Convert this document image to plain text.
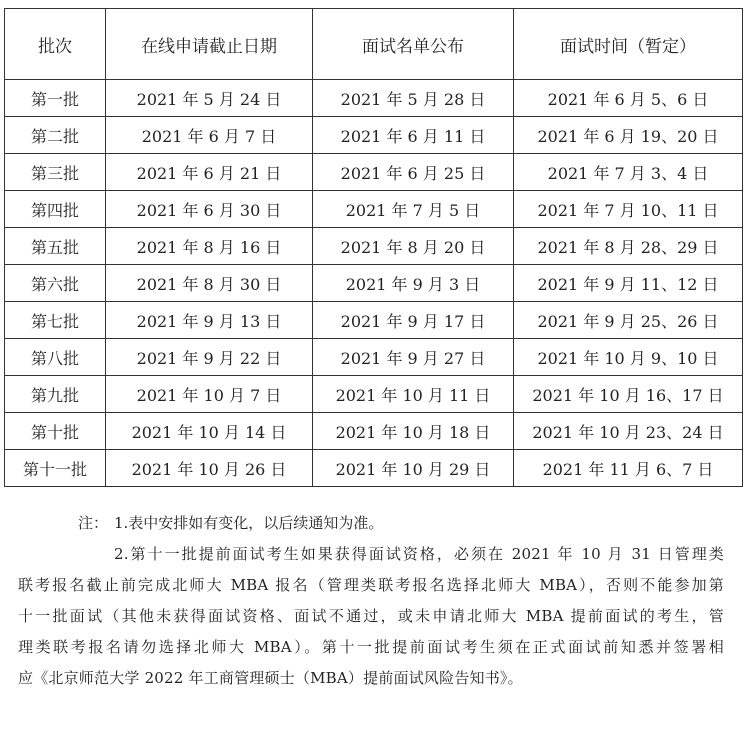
批次	在线申请截止日期	面试名单公布	面试时间（暂定）
第一批	2021 年 5 月 24 日	2021 年 5 月 28 日	2021 年 6 月 5、6 日
第二批	2021 年 6 月 7 日	2021 年 6 月 11 日	2021 年 6 月 19、20 日
第三批	2021 年 6 月 21 日	2021 年 6 月 25 日	2021 年 7 月 3、4 日
第四批	2021 年 6 月 30 日	2021 年 7 月 5 日	2021 年 7 月 10、11 日
第五批	2021 年 8 月 16 日	2021 年 8 月 20 日	2021 年 8 月 28、29 日
第六批	2021 年 8 月 30 日	2021 年 9 月 3 日	2021 年 9 月 11、12 日
第七批	2021 年 9 月 13 日	2021 年 9 月 17 日	2021 年 9 月 25、26 日
第八批	2021 年 9 月 22 日	2021 年 9 月 27 日	2021 年 10 月 9、10 日
第九批	2021 年 10 月 7 日	2021 年 10 月 11 日	2021 年 10 月 16、17 日
第十批	2021 年 10 月 14 日	2021 年 10 月 18 日	2021 年 10 月 23、24 日
第十一批	2021 年 10 月 26 日	2021 年 10 月 29 日	2021 年 11 月 6、7 日
注： 1.表中安排如有变化，以后续通知为准。
2.第十一批提前面试考生如果获得面试资格，必须在 2021 年 10 月 31 日管理类
联考报名截止前完成北师大 MBA 报名（管理类联考报名选择北师大 MBA），否则不能参加第
十一批面试（其他未获得面试资格、面试不通过，或未申请北师大 MBA 提前面试的考生，管
理类联考报名请勿选择北师大 MBA）。第十一批提前面试考生须在正式面试前知悉并签署相
应《北京师范大学 2022 年工商管理硕士（MBA）提前面试风险告知书》。
